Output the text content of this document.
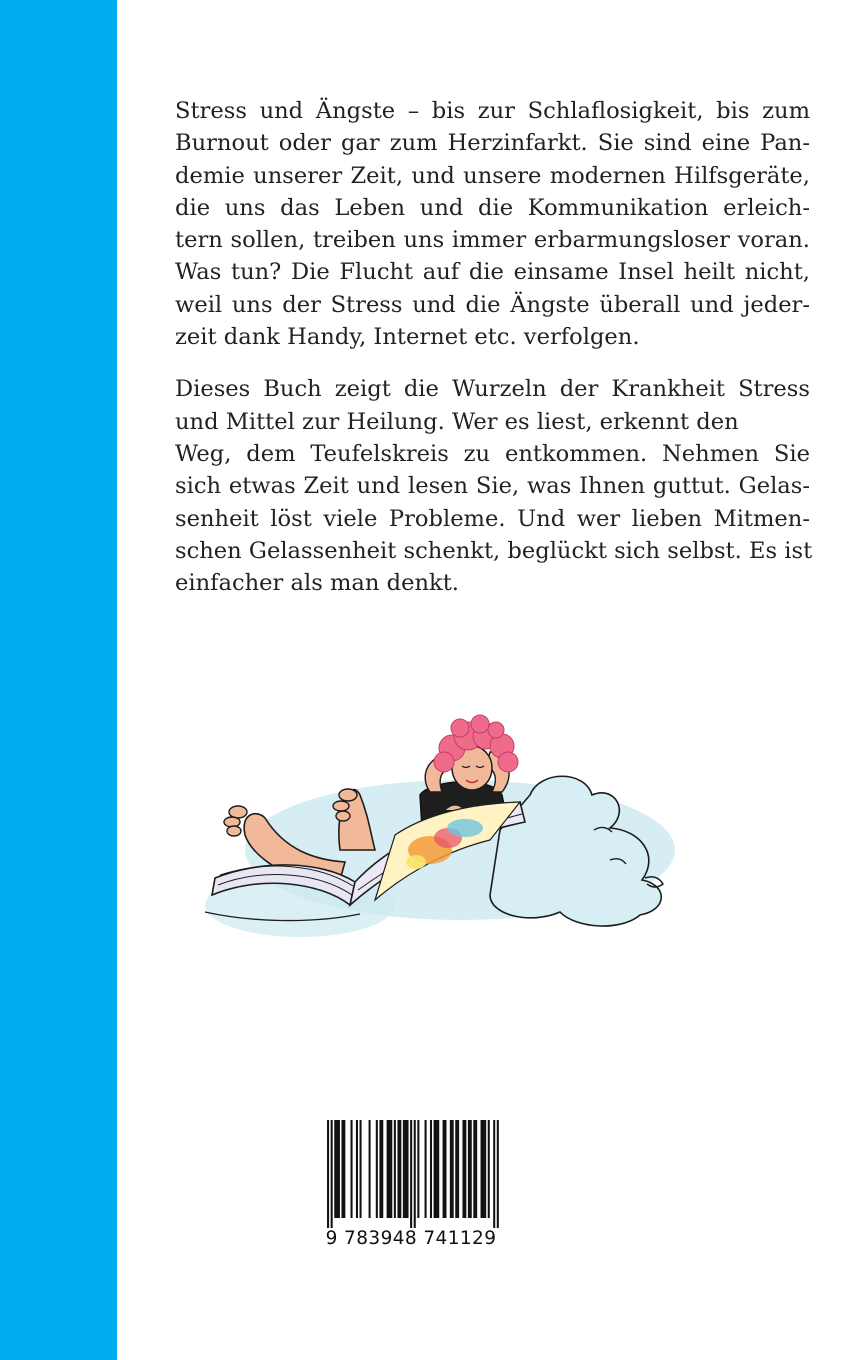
Stress und Ängste – bis zur Schlaflosigkeit, bis zum
Burnout oder gar zum Herzinfarkt. Sie sind eine Pan-
demie unserer Zeit, und unsere modernen Hilfsgeräte,
die uns das Leben und die Kommunikation erleich-
tern sollen, treiben uns immer erbarmungsloser voran.
Was tun? Die Flucht auf die einsame Insel heilt nicht,
weil uns der Stress und die Ängste überall und jeder-
zeit dank Handy, Internet etc. verfolgen.

Dieses Buch zeigt die Wurzeln der Krankheit Stress
und Mittel zur Heilung. Wer es liest, erkennt den
Weg, dem Teufelskreis zu entkommen. Nehmen Sie
sich etwas Zeit und lesen Sie, was Ihnen guttut. Gelas-
senheit löst viele Probleme. Und wer lieben Mitmen-
schen Gelassenheit schenkt, beglückt sich selbst. Es ist
einfacher als man denkt.

9 783948 741129
